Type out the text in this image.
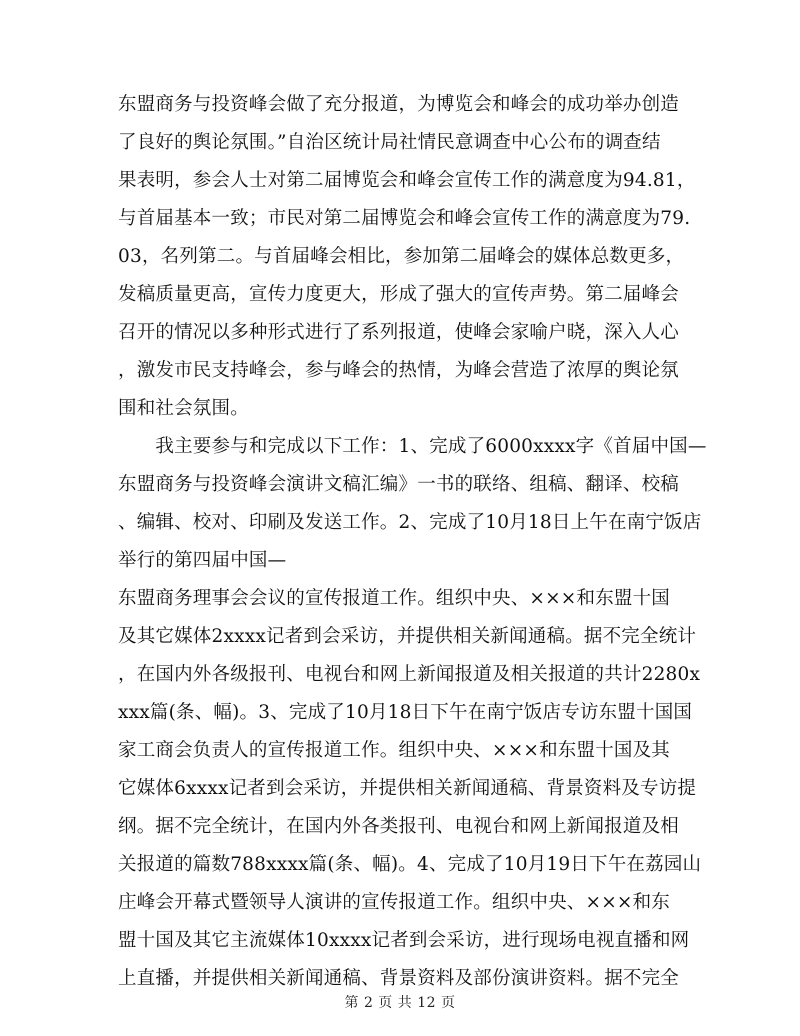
东盟商务与投资峰会做了充分报道，为博览会和峰会的成功举办创造
了良好的舆论氛围。”自治区统计局社情民意调查中心公布的调查结
果表明，参会人士对第二届博览会和峰会宣传工作的满意度为94.81，
与首届基本一致；市民对第二届博览会和峰会宣传工作的满意度为79.
03，名列第二。与首届峰会相比，参加第二届峰会的媒体总数更多，
发稿质量更高，宣传力度更大，形成了强大的宣传声势。第二届峰会
召开的情况以多种形式进行了系列报道，使峰会家喻户晓，深入人心
，激发市民支持峰会，参与峰会的热情，为峰会营造了浓厚的舆论氛
围和社会氛围。
　　我主要参与和完成以下工作：1、完成了6000xxxx字《首届中国—
东盟商务与投资峰会演讲文稿汇编》一书的联络、组稿、翻译、校稿
、编辑、校对、印刷及发送工作。2、完成了10月18日上午在南宁饭店
举行的第四届中国—
东盟商务理事会会议的宣传报道工作。组织中央、×××和东盟十国
及其它媒体2xxxx记者到会采访，并提供相关新闻通稿。据不完全统计
，在国内外各级报刊、电视台和网上新闻报道及相关报道的共计2280x
xxx篇(条、幅)。3、完成了10月18日下午在南宁饭店专访东盟十国国
家工商会负责人的宣传报道工作。组织中央、×××和东盟十国及其
它媒体6xxxx记者到会采访，并提供相关新闻通稿、背景资料及专访提
纲。据不完全统计，在国内外各类报刊、电视台和网上新闻报道及相
关报道的篇数788xxxx篇(条、幅)。4、完成了10月19日下午在荔园山
庄峰会开幕式暨领导人演讲的宣传报道工作。组织中央、×××和东
盟十国及其它主流媒体10xxxx记者到会采访，进行现场电视直播和网
上直播，并提供相关新闻通稿、背景资料及部份演讲资料。据不完全
第 2 页 共 12 页
